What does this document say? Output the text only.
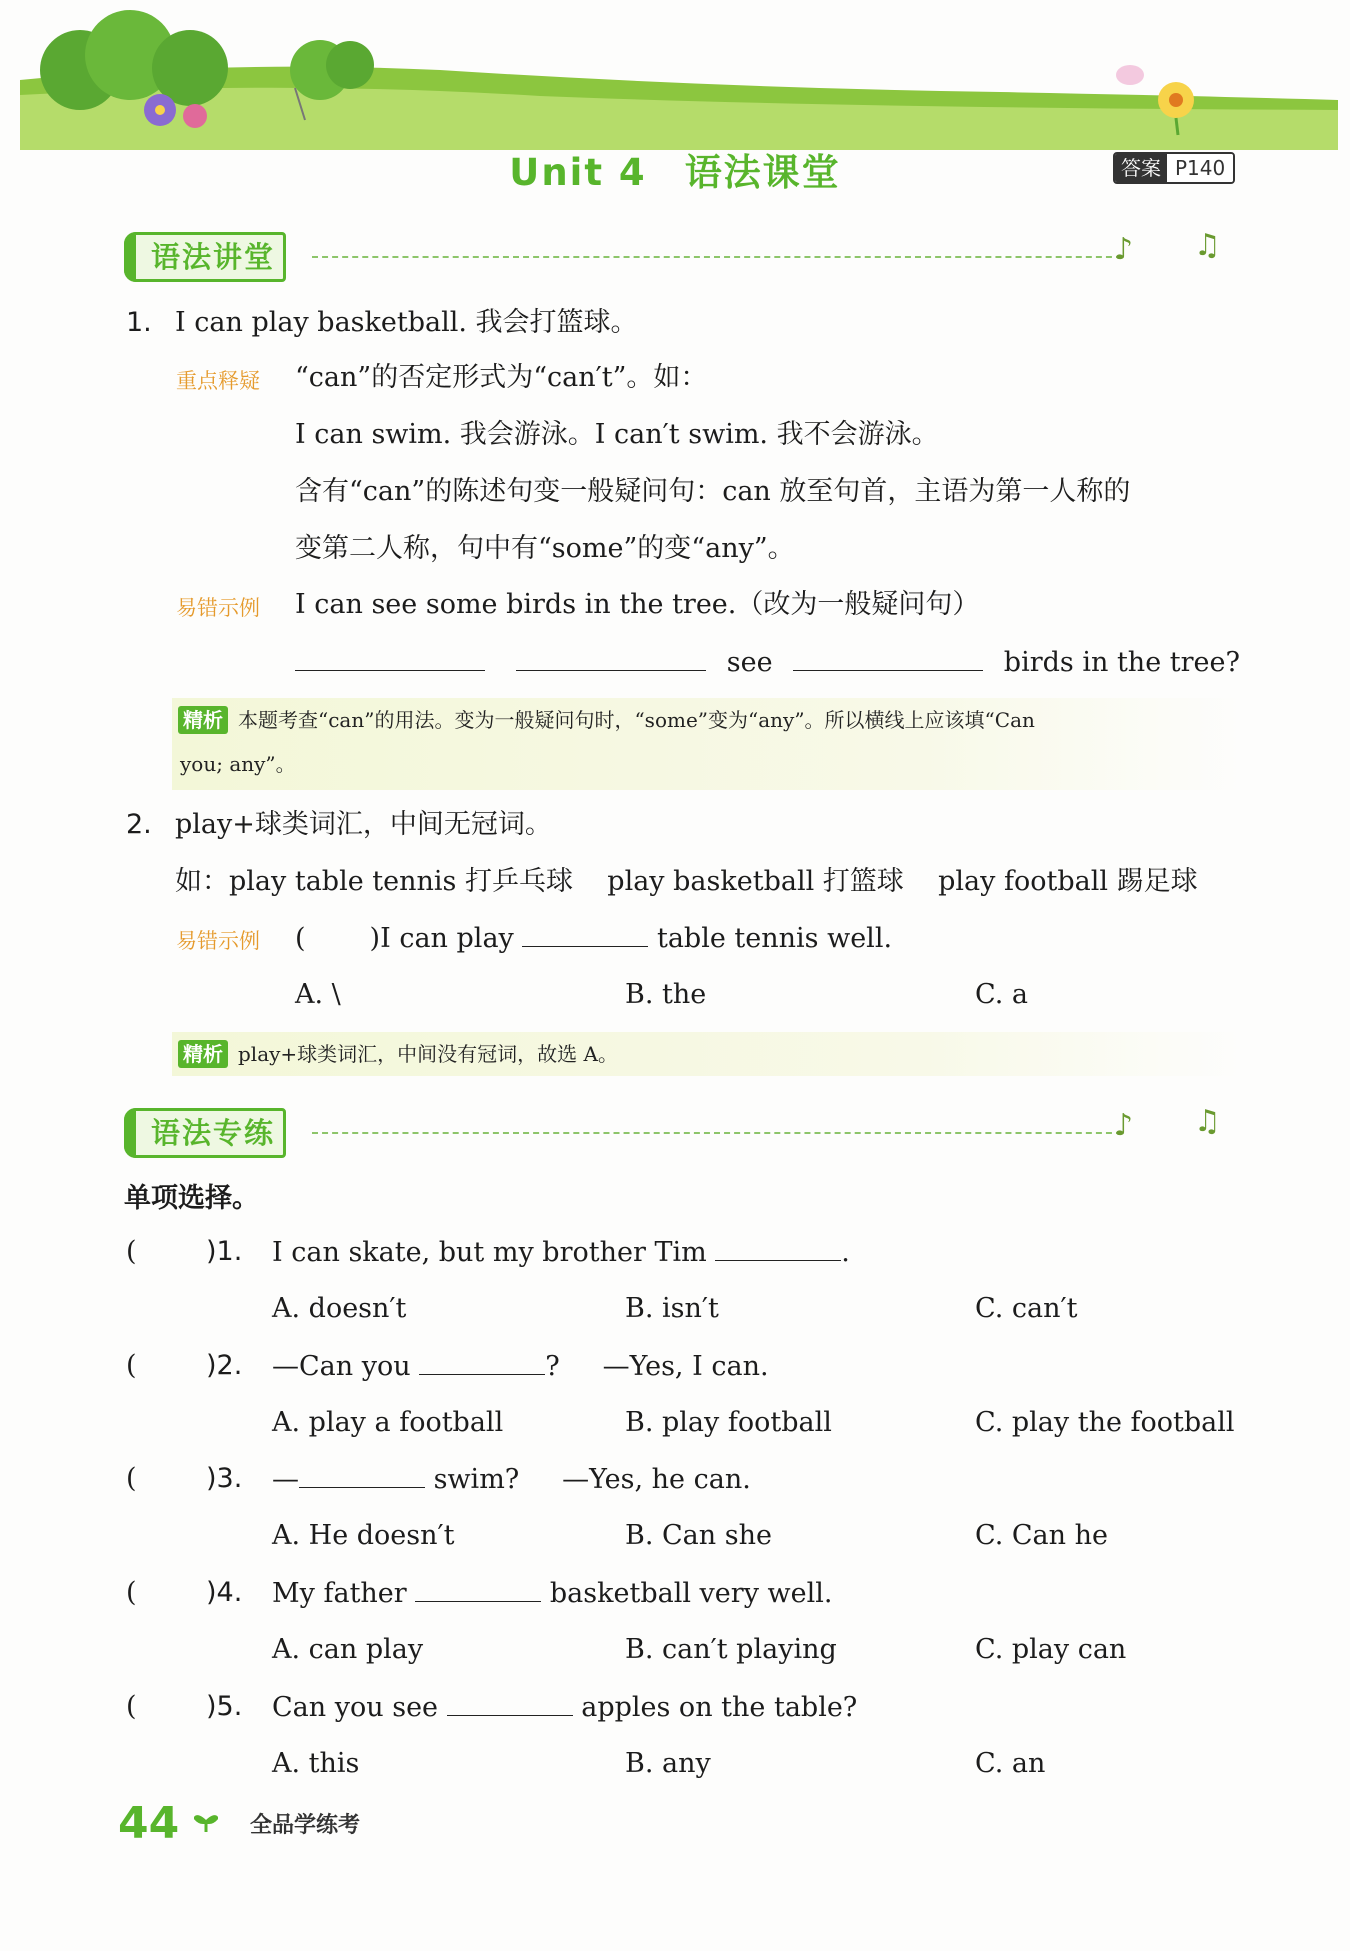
Unit 4 语法课堂	答案 P140
语法讲堂	♪ ♫
1. I can play basketball. 我会打篮球。
重点释疑 “can”的否定形式为“can′t”。如：
I can swim. 我会游泳。I can′t swim. 我不会游泳。
含有“can”的陈述句变一般疑问句：can 放至句首，主语为第一人称的
变第二人称，句中有“some”的变“any”。
易错示例 I can see some birds in the tree.（改为一般疑问句）
see	birds in the tree?
精析 本题考查“can”的用法。变为一般疑问句时，“some”变为“any”。所以横线上应该填“Can
you; any”。
2. play+球类词汇，中间无冠词。
如：play table tennis 打乒乓球    play basketball 打篮球    play football 踢足球
易错示例 ( )I can play	table tennis well.
A. \	B. the	C. a
精析 play+球类词汇，中间没有冠词，故选 A。
语法专练	♪ ♫
单项选择。
(	)1. I can skate, but my brother Tim	.
A. doesn′t	B. isn′t	C. can′t
(	)2. —Can you	?     —Yes, I can.
A. play a football	B. play football	C. play the football
(	)3. —	swim?     —Yes, he can.
A. He doesn′t	B. Can she	C. Can he
(	)4. My father	basketball very well.
A. can play	B. can′t playing	C. play can
(	)5. Can you see	apples on the table?
A. this	B. any	C. an
44	全品学练考
